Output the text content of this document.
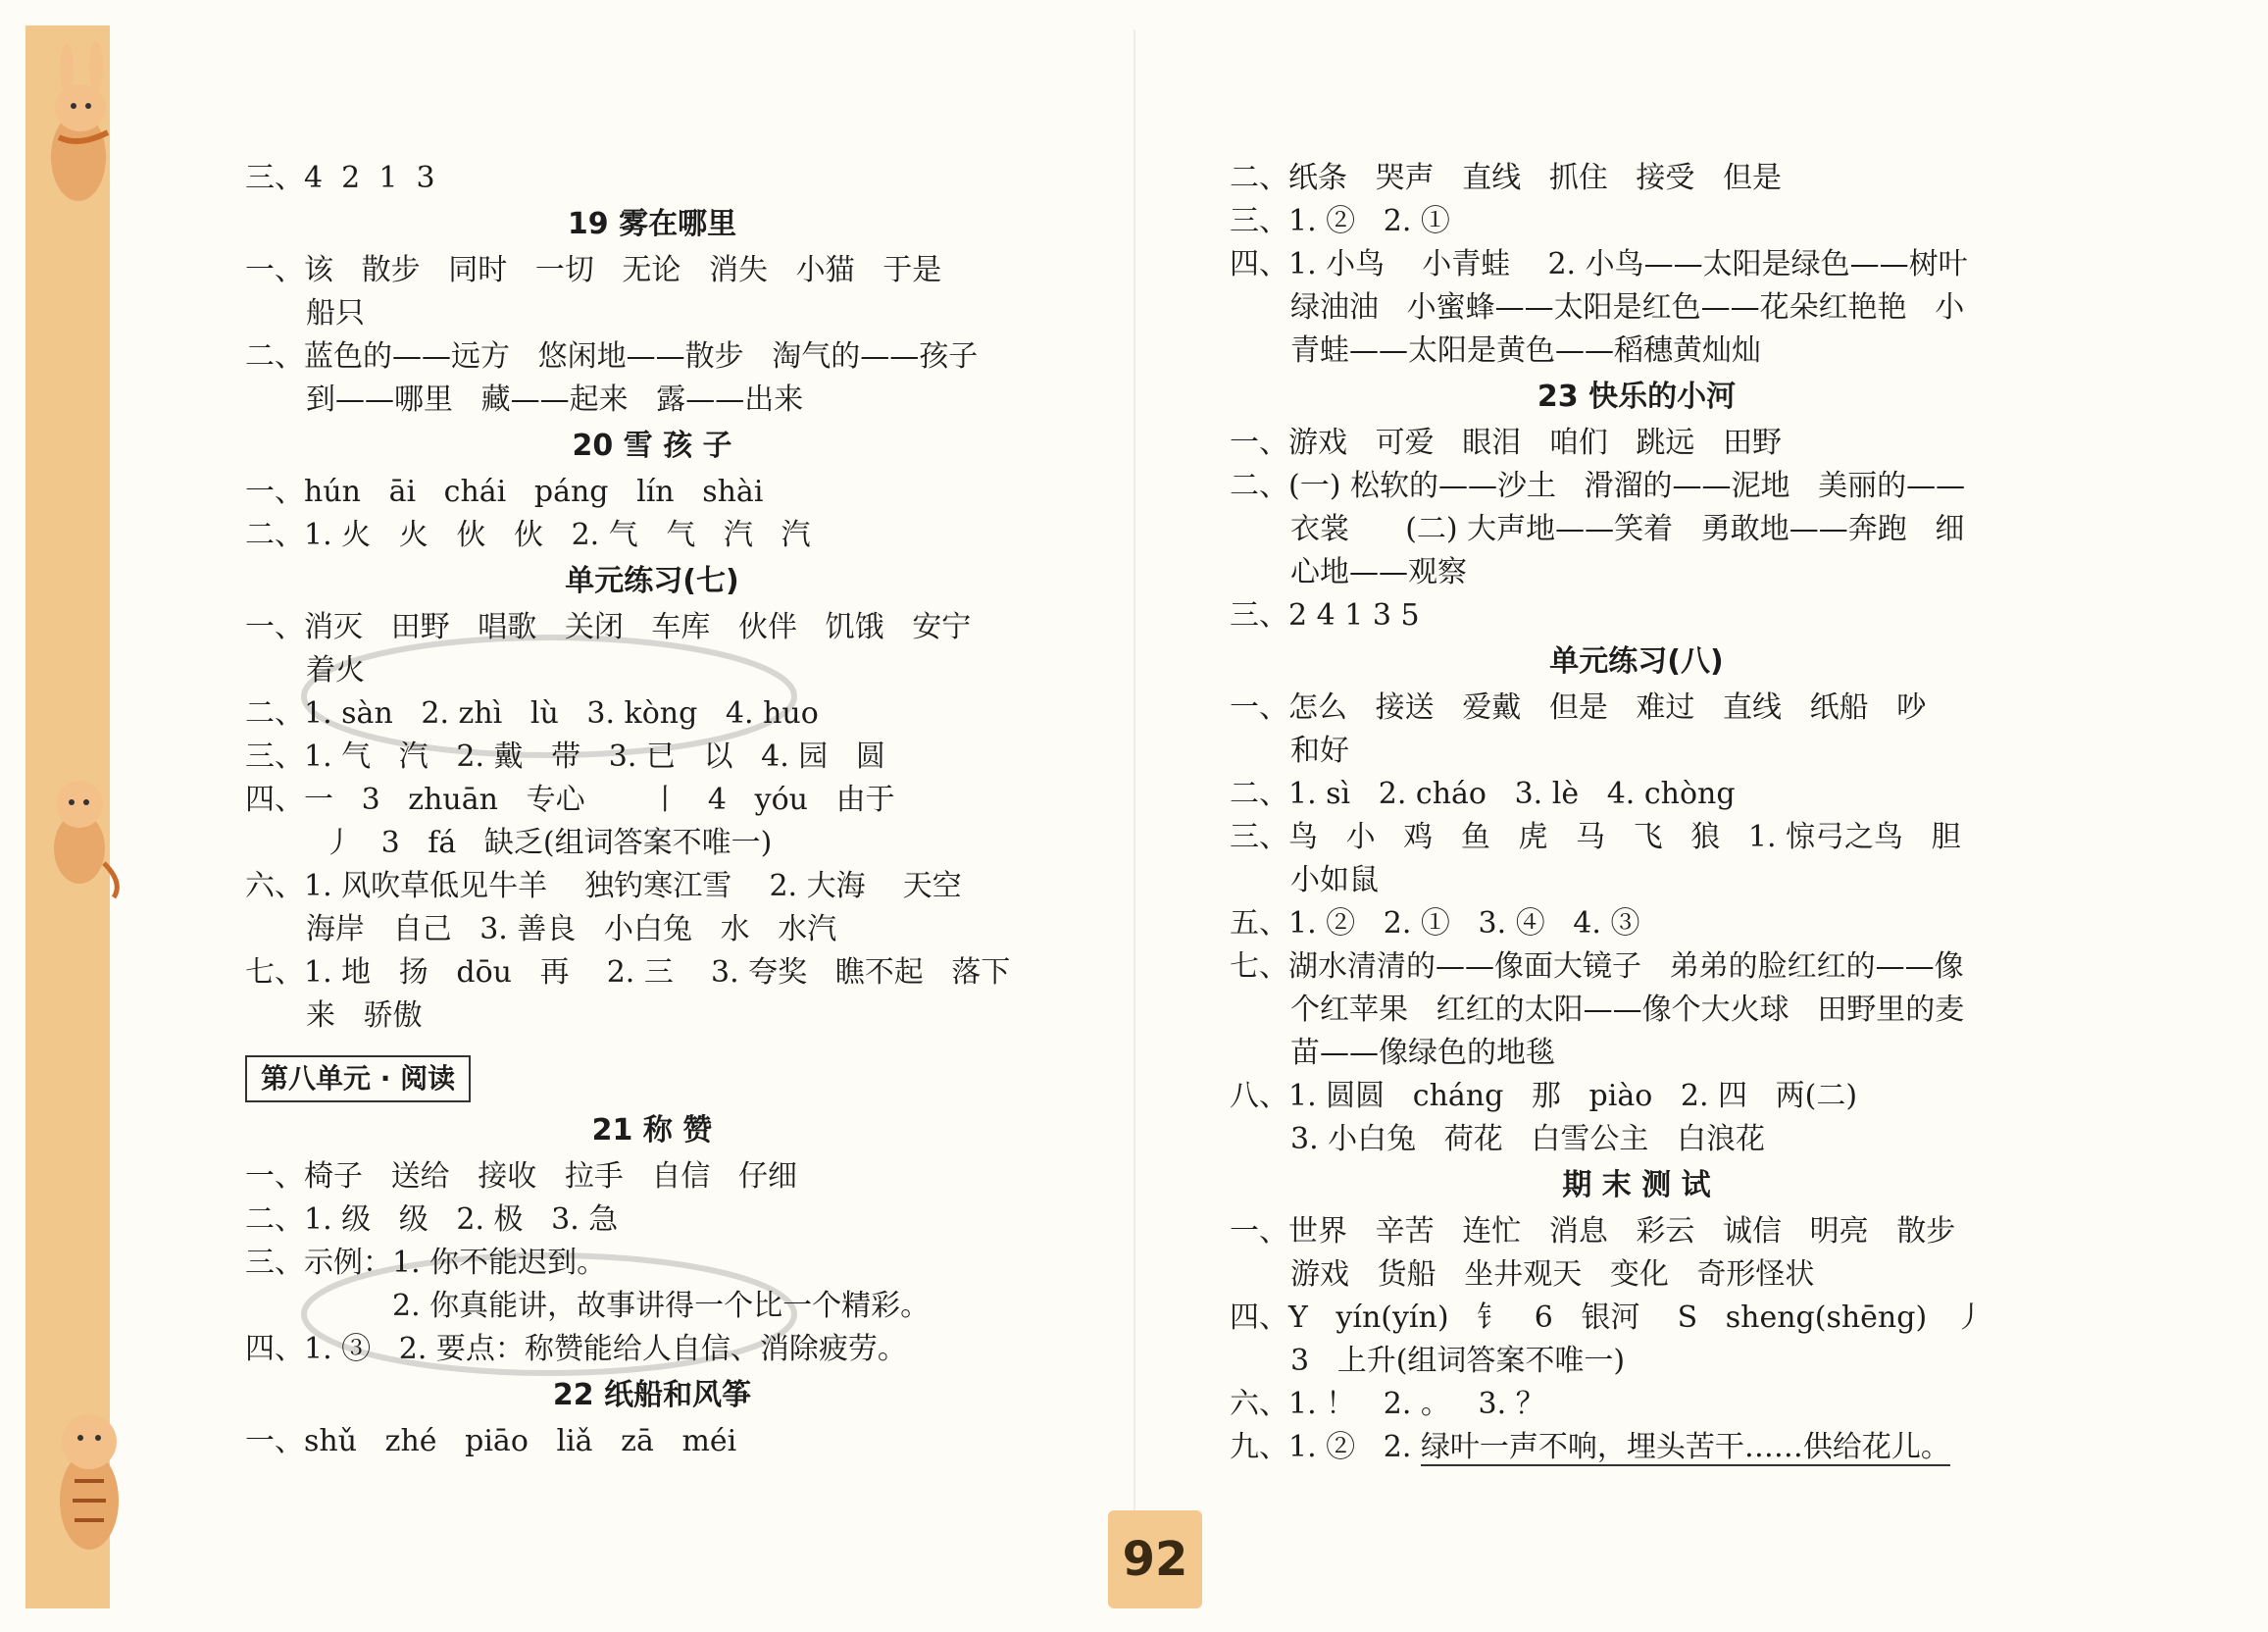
三、4  2  1  3
19 雾在哪里
一、该   散步   同时   一切   无论   消失   小猫   于是
船只
二、蓝色的——远方   悠闲地——散步   淘气的——孩子
到——哪里   藏——起来   露——出来
20 雪 孩 子
一、hún   āi   chái   páng   lín   shài
二、1. 火   火   伙   伙   2. 气   气   汽   汽
单元练习(七)
一、消灭   田野   唱歌   关闭   车库   伙伴   饥饿   安宁
着火
二、1. sàn   2. zhì   lù   3. kòng   4. huo
三、1. 气   汽   2. 戴   带   3. 已   以   4. 园   圆
四、一   3   zhuān   专心       丨   4   yóu   由于
丿   3   fá   缺乏(组词答案不唯一)
六、1. 风吹草低见牛羊    独钓寒江雪    2. 大海    天空
海岸   自己   3. 善良   小白兔   水   水汽
七、1. 地   扬   dōu   再    2. 三    3. 夸奖   瞧不起   落下
来   骄傲
第八单元 · 阅读
21 称 赞
一、椅子   送给   接收   拉手   自信   仔细
二、1. 级   级   2. 极   3. 急
三、示例：1. 你不能迟到。
2. 你真能讲，故事讲得一个比一个精彩。
四、1. ③   2. 要点：称赞能给人自信、消除疲劳。
22 纸船和风筝
一、shǔ   zhé   piāo   liǎ   zā   méi
二、纸条   哭声   直线   抓住   接受   但是
三、1. ②   2. ①
四、1. 小鸟    小青蛙    2. 小鸟——太阳是绿色——树叶
绿油油   小蜜蜂——太阳是红色——花朵红艳艳   小
青蛙——太阳是黄色——稻穗黄灿灿
23 快乐的小河
一、游戏   可爱   眼泪   咱们   跳远   田野
二、(一) 松软的——沙土   滑溜的——泥地   美丽的——
衣裳      (二) 大声地——笑着   勇敢地——奔跑   细
心地——观察
三、2 4 1 3 5
单元练习(八)
一、怎么   接送   爱戴   但是   难过   直线   纸船   吵
和好
二、1. sì   2. cháo   3. lè   4. chòng
三、鸟   小   鸡   鱼   虎   马   飞   狼   1. 惊弓之鸟   胆
小如鼠
五、1. ②   2. ①   3. ④   4. ③
七、湖水清清的——像面大镜子   弟弟的脸红红的——像
个红苹果   红红的太阳——像个大火球   田野里的麦
苗——像绿色的地毯
八、1. 圆圆   cháng   那   piào   2. 四   两(二)
3. 小白兔   荷花   白雪公主   白浪花
期 末 测 试
一、世界   辛苦   连忙   消息   彩云   诚信   明亮   散步
游戏   货船   坐井观天   变化   奇形怪状
四、Y   yín(yín)   钅   6   银河    S   sheng(shēng)   丿
3   上升(组词答案不唯一)
六、1. ！   2. 。   3. ？
九、1. ②   2. 绿叶一声不响，埋头苦干……供给花儿。
92
